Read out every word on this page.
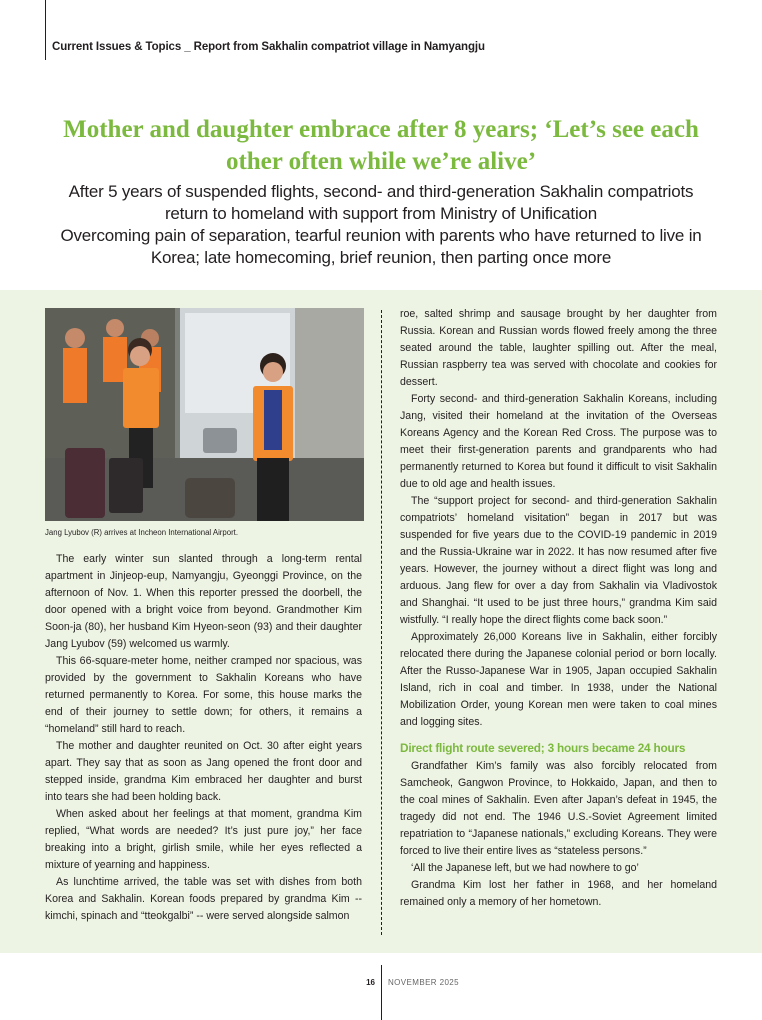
Current Issues & Topics _ Report from Sakhalin compatriot village in Namyangju
Mother and daughter embrace after 8 years; ‘Let’s see each
other often while we’re alive’
After 5 years of suspended flights, second- and third-generation Sakhalin compatriots
return to homeland with support from Ministry of Unification
Overcoming pain of separation, tearful reunion with parents who have returned to live in
Korea; late homecoming, brief reunion, then parting once more
Jang Lyubov (R) arrives at Incheon International Airport.

The early winter sun slanted through a long-term rental apartment in Jinjeop-eup, Namyangju, Gyeonggi Province, on the afternoon of Nov. 1. When this reporter pressed the doorbell, the door opened with a bright voice from beyond. Grandmother Kim Soon-ja (80), her husband Kim Hyeon-seon (93) and their daughter Jang Lyubov (59) welcomed us warmly.

This 66-square-meter home, neither cramped nor spacious, was provided by the government to Sakhalin Koreans who have returned permanently to Korea. For some, this house marks the end of their journey to settle down; for others, it remains a “homeland” still hard to reach.

The mother and daughter reunited on Oct. 30 after eight years apart. They say that as soon as Jang opened the front door and stepped inside, grandma Kim embraced her daughter and burst into tears she had been holding back.

When asked about her feelings at that moment, grandma Kim replied, “What words are needed? It’s just pure joy,” her face breaking into a bright, girlish smile, while her eyes reflected a mixture of yearning and happiness.

As lunchtime arrived, the table was set with dishes from both Korea and Sakhalin. Korean foods prepared by grandma Kim -- kimchi, spinach and “tteokgalbi” -- were served alongside salmon

roe, salted shrimp and sausage brought by her daughter from Russia. Korean and Russian words flowed freely among the three seated around the table, laughter spilling out. After the meal, Russian raspberry tea was served with chocolate and cookies for dessert.

Forty second- and third-generation Sakhalin Koreans, including Jang, visited their homeland at the invitation of the Overseas Koreans Agency and the Korean Red Cross. The purpose was to meet their first-generation parents and grandparents who had permanently returned to Korea but found it difficult to visit Sakhalin due to old age and health issues.

The “support project for second- and third-generation Sakhalin compatriots’ homeland visitation” began in 2017 but was suspended for five years due to the COVID-19 pandemic in 2019 and the Russia-Ukraine war in 2022. It has now resumed after five years. However, the journey without a direct flight was long and arduous. Jang flew for over a day from Sakhalin via Vladivostok and Shanghai. “It used to be just three hours,” grandma Kim said wistfully. “I really hope the direct flights come back soon.”

Approximately 26,000 Koreans live in Sakhalin, either forcibly relocated there during the Japanese colonial period or born locally. After the Russo-Japanese War in 1905, Japan occupied Sakhalin Island, rich in coal and timber. In 1938, under the National Mobilization Order, young Korean men were taken to coal mines and logging sites.

Direct flight route severed; 3 hours became 24 hours

Grandfather Kim’s family was also forcibly relocated from Samcheok, Gangwon Province, to Hokkaido, Japan, and then to the coal mines of Sakhalin. Even after Japan’s defeat in 1945, the tragedy did not end. The 1946 U.S.-Soviet Agreement limited repatriation to “Japanese nationals,” excluding Koreans. They were forced to live their entire lives as “stateless persons.”

‘All the Japanese left, but we had nowhere to go’

Grandma Kim lost her father in 1968, and her homeland remained only a memory of her hometown.

16 NOVEMBER 2025
